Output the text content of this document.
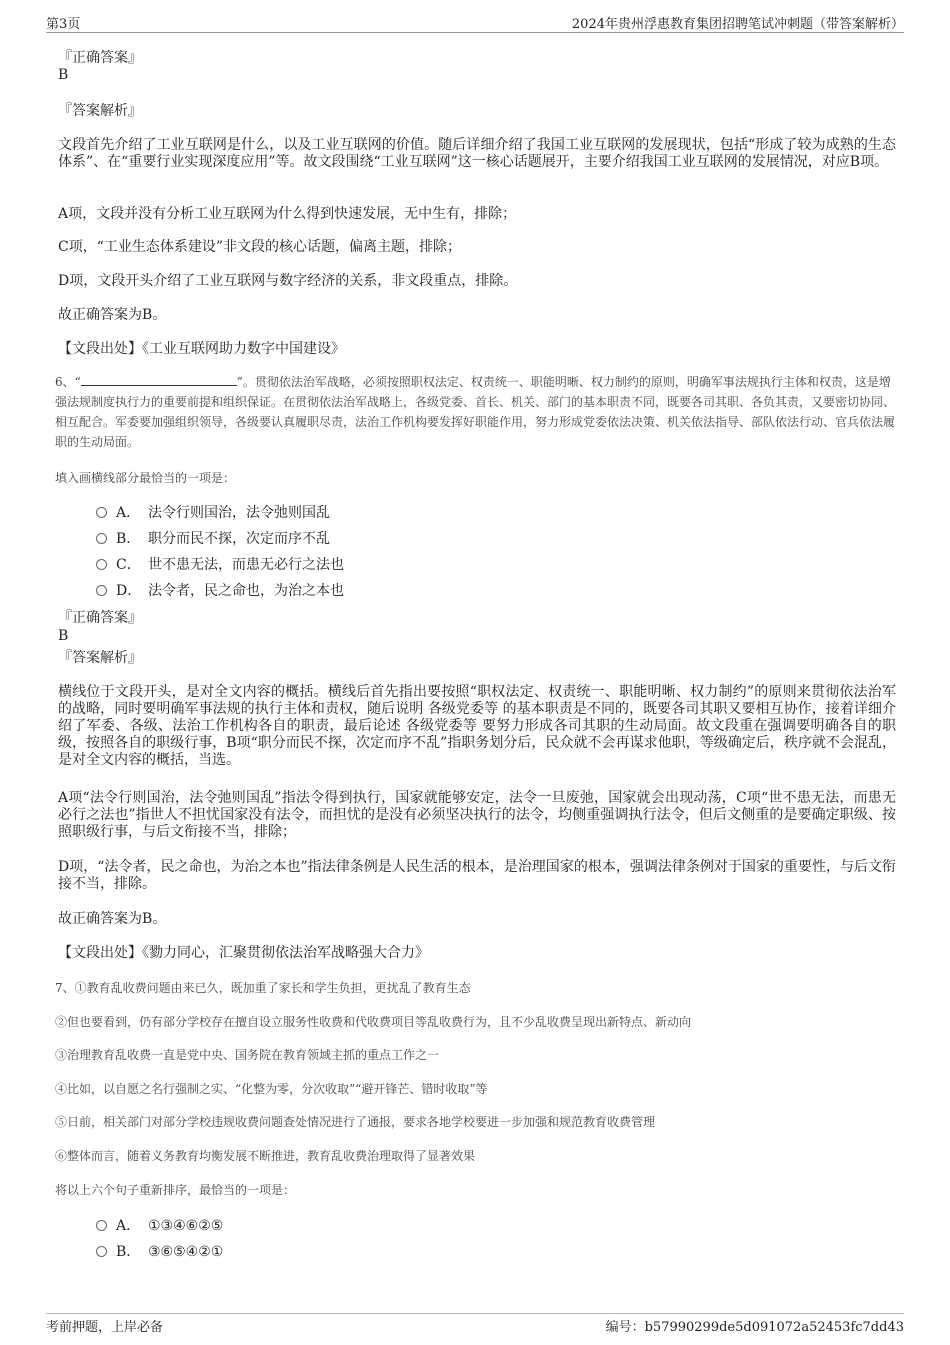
第3页	2024年贵州浮惠教育集团招聘笔试冲刺题（带答案解析）
『正确答案』
B
『答案解析』
文段首先介绍了工业互联网是什么，以及工业互联网的价值。随后详细介绍了我国工业互联网的发展现状，包括“形成了较为成熟的生态体系”、在“重要行业实现深度应用”等。故文段围绕“工业互联网”这一核心话题展开，主要介绍我国工业互联网的发展情况，对应B项。
A项，文段并没有分析工业互联网为什么得到快速发展，无中生有，排除；
C项，“工业生态体系建设”非文段的核心话题，偏离主题，排除；
D项，文段开头介绍了工业互联网与数字经济的关系，非文段重点，排除。
故正确答案为B。
【文段出处】《工业互联网助力数字中国建设》
6、“	”。贯彻依法治军战略，必须按照职权法定、权责统一、职能明晰、权力制约的原则，明确军事法规执行主体和权责，这是增强法规制度执行力的重要前提和组织保证。在贯彻依法治军战略上，各级党委、首长、机关、部门的基本职责不同，既要各司其职、各负其责，又要密切协同、相互配合。军委要加强组织领导，各级要认真履职尽责，法治工作机构要发挥好职能作用，努力形成党委依法决策、机关依法指导、部队依法行动、官兵依法履职的生动局面。
填入画横线部分最恰当的一项是：
A． 法令行则国治，法令弛则国乱
B． 职分而民不探，次定而序不乱
C． 世不患无法，而患无必行之法也
D． 法令者，民之命也，为治之本也
『正确答案』
B
『答案解析』
横线位于文段开头，是对全文内容的概括。横线后首先指出要按照“职权法定、权责统一、职能明晰、权力制约”的原则来贯彻依法治军的战略，同时要明确军事法规的执行主体和责权，随后说明 各级党委等 的基本职责是不同的，既要各司其职又要相互协作，接着详细介绍了军委、各级、法治工作机构各自的职责，最后论述 各级党委等 要努力形成各司其职的生动局面。故文段重在强调要明确各自的职级，按照各自的职级行事，B项“职分而民不探，次定而序不乱”指职务划分后，民众就不会再谋求他职，等级确定后，秩序就不会混乱，是对全文内容的概括，当选。
A项“法令行则国治，法令弛则国乱”指法令得到执行，国家就能够安定，法令一旦废弛，国家就会出现动荡，C项“世不患无法，而患无必行之法也”指世人不担忧国家没有法令，而担忧的是没有必须坚决执行的法令，均侧重强调执行法令，但后文侧重的是要确定职级、按照职级行事，与后文衔接不当，排除；
D项，“法令者，民之命也，为治之本也”指法律条例是人民生活的根本，是治理国家的根本，强调法律条例对于国家的重要性，与后文衔接不当，排除。
故正确答案为B。
【文段出处】《勠力同心，汇聚贯彻依法治军战略强大合力》
7、①教育乱收费问题由来已久，既加重了家长和学生负担，更扰乱了教育生态
②但也要看到，仍有部分学校存在擅自设立服务性收费和代收费项目等乱收费行为，且不少乱收费呈现出新特点、新动向
③治理教育乱收费一直是党中央、国务院在教育领域主抓的重点工作之一
④比如，以自愿之名行强制之实、“化整为零，分次收取”“避开锋芒、错时收取”等
⑤日前，相关部门对部分学校违规收费问题查处情况进行了通报，要求各地学校要进一步加强和规范教育收费管理
⑥整体而言，随着义务教育均衡发展不断推进，教育乱收费治理取得了显著效果
将以上六个句子重新排序，最恰当的一项是：
A． ①③④⑥②⑤
B． ③⑥⑤④②①
考前押题，上岸必备	编号：b57990299de5d091072a52453fc7dd43
